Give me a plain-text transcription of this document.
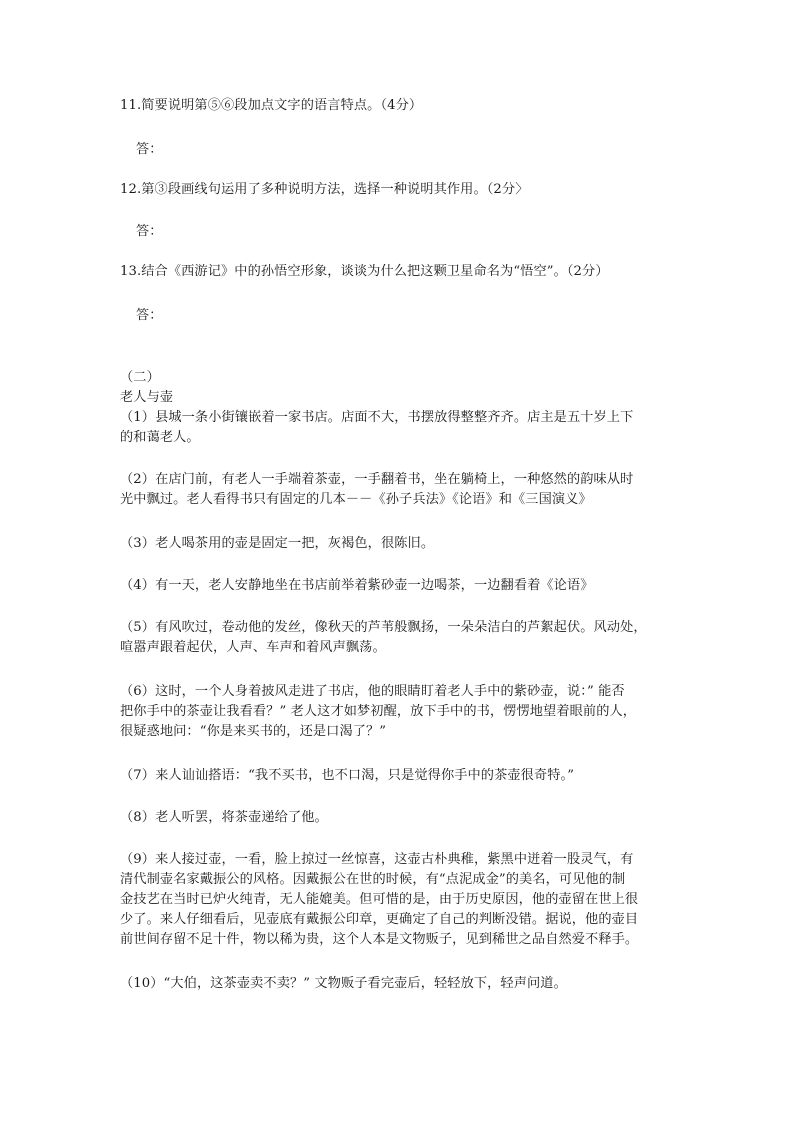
11.简要说明第⑤⑥段加点文字的语言特点。（4分）
答：
12.第③段画线句运用了多种说明方法，选择一种说明其作用。（2分〉
答：
13.结合《西游记》中的孙悟空形象，谈谈为什么把这颗卫星命名为“悟空”。（2分）
答：
（二）
老人与壶
（1）县城一条小街镶嵌着一家书店。店面不大，书摆放得整整齐齐。店主是五十岁上下
的和蔼老人。
（2）在店门前，有老人一手端着茶壶，一手翻着书，坐在躺椅上，一种悠然的韵味从时
光中飘过。老人看得书只有固定的几本－－《孙子兵法》《论语》和《三国演义》
（3）老人喝茶用的壶是固定一把，灰褐色，很陈旧。
（4）有一天，老人安静地坐在书店前举着紫砂壶一边喝茶，一边翻看着《论语》
（5）有风吹过，卷动他的发丝，像秋天的芦苇般飘扬，一朵朵洁白的芦絮起伏。风动处，
喧嚣声跟着起伏，人声、车声和着风声飘荡。
（6）这时，一个人身着披风走进了书店，他的眼睛盯着老人手中的紫砂壶，说：” 能否
把你手中的茶壶让我看看？” 老人这才如梦初醒，放下手中的书，愣愣地望着眼前的人，
很疑惑地问：“你是来买书的，还是口渴了？”
（7）来人讪讪搭语：“我不买书，也不口渴，只是觉得你手中的茶壶很奇特。”
（8）老人听罢，将茶壶递给了他。
（9）来人接过壶，一看，脸上掠过一丝惊喜，这壶古朴典稚，紫黑中迸着一股灵气，有
清代制壶名家戴振公的风格。因戴振公在世的时候，有“点泥成金”的美名，可见他的制
金技艺在当时已炉火纯青，无人能媲美。但可惜的是，由于历史原因，他的壶留在世上很
少了。来人仔细看后，见壶底有戴振公印章，更确定了自己的判断没错。据说，他的壶目
前世间存留不足十件，物以稀为贵，这个人本是文物贩子，见到稀世之品自然爱不释手。
（10）“大伯，这茶壶卖不卖？” 文物贩子看完壶后，轻轻放下，轻声问道。
